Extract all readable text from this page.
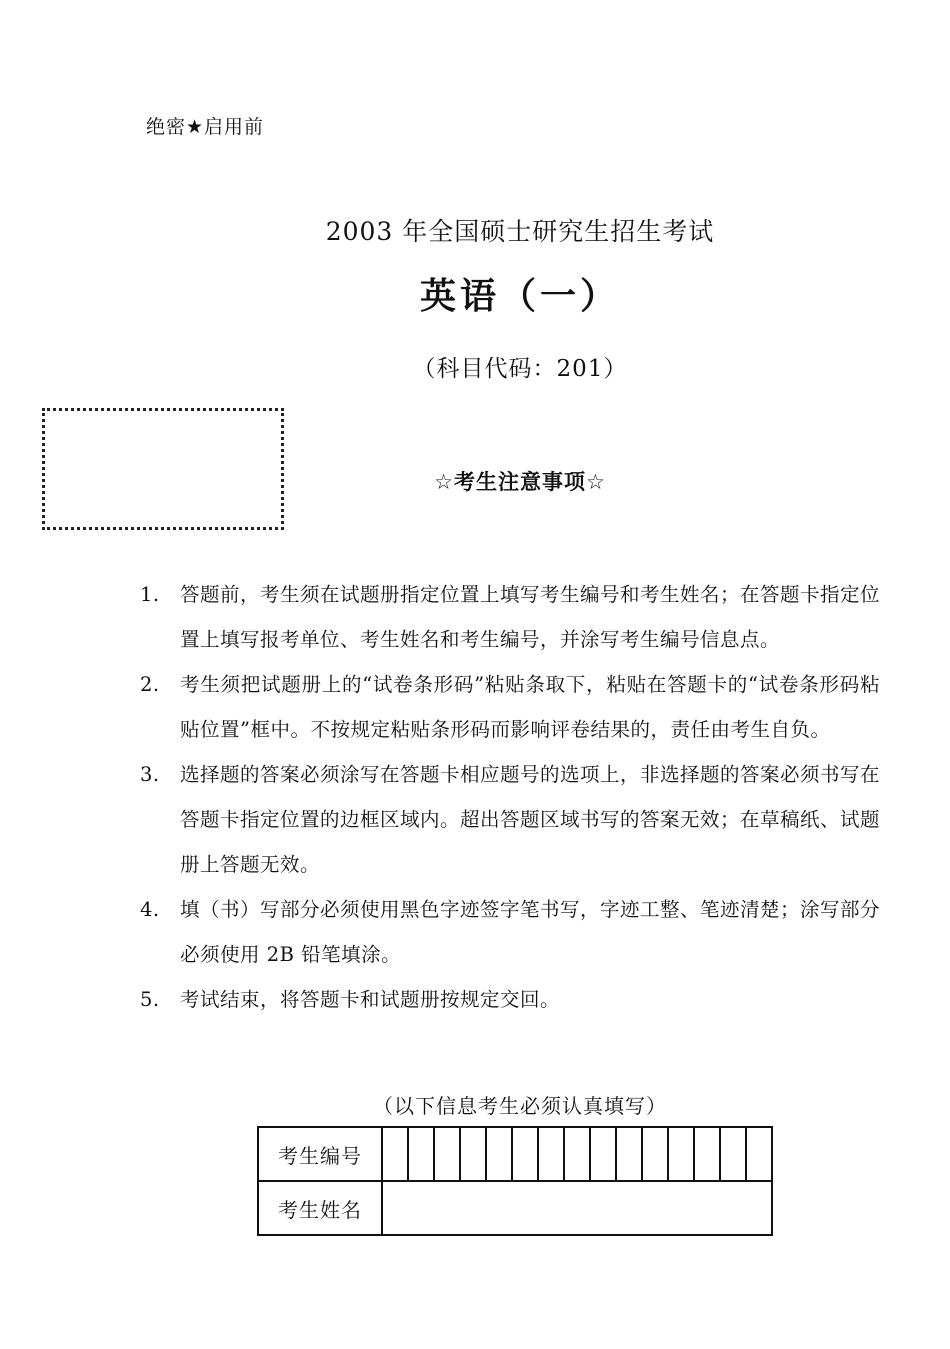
绝密★启用前
2003 年全国硕士研究生招生考试
英语（一）
（科目代码：201）
☆考生注意事项☆
1. 答题前，考生须在试题册指定位置上填写考生编号和考生姓名；在答题卡指定位置上填写报考单位、考生姓名和考生编号，并涂写考生编号信息点。
2. 考生须把试题册上的“试卷条形码”粘贴条取下，粘贴在答题卡的“试卷条形码粘贴位置”框中。不按规定粘贴条形码而影响评卷结果的，责任由考生自负。
3. 选择题的答案必须涂写在答题卡相应题号的选项上，非选择题的答案必须书写在答题卡指定位置的边框区域内。超出答题区域书写的答案无效；在草稿纸、试题册上答题无效。
4. 填（书）写部分必须使用黑色字迹签字笔书写，字迹工整、笔迹清楚；涂写部分必须使用 2B 铅笔填涂。
5. 考试结束，将答题卡和试题册按规定交回。
（以下信息考生必须认真填写）
考生编号															
考生姓名															
